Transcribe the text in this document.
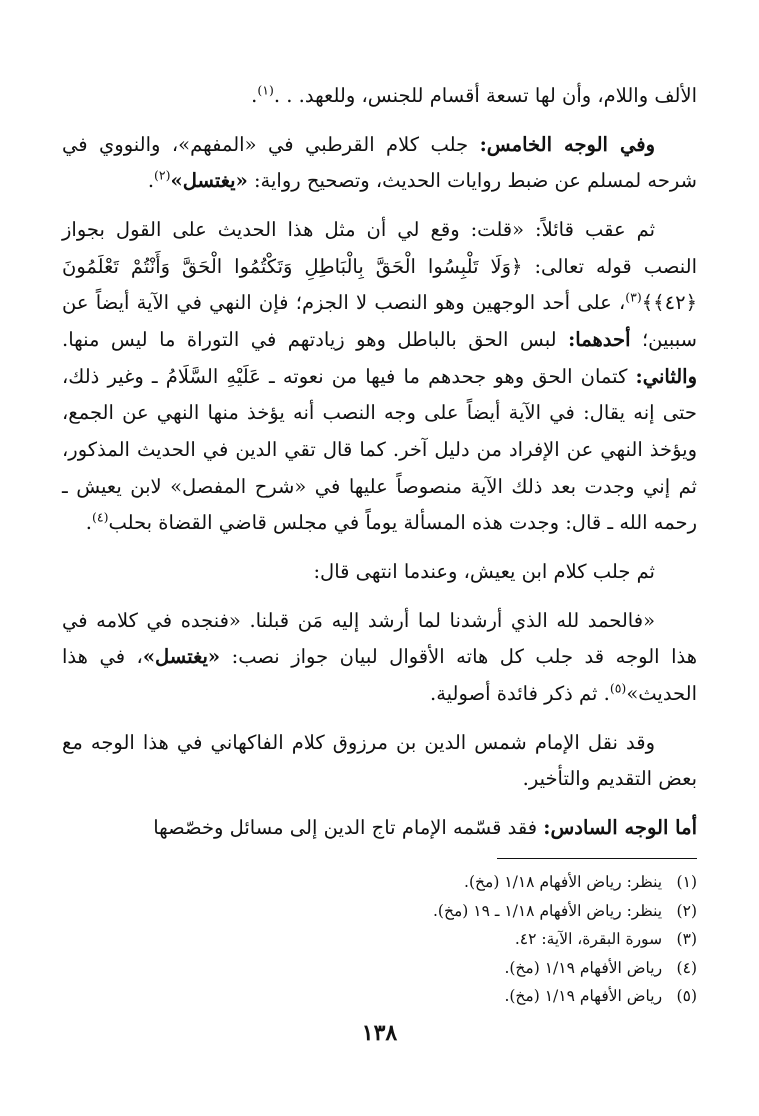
الألف واللام، وأن لها تسعة أقسام للجنس، وللعهد. . .$^{(١)}$.

وفي الوجه الخامس: جلب كلام القرطبي في «المفهم»، والنووي في شرحه لمسلم عن ضبط روايات الحديث، وتصحيح رواية: «يغتسل»$^{(٢)}$.

ثم عقب قائلاً: «قلت: وقع لي أن مثل هذا الحديث على القول بجواز النصب قوله تعالى: ﴿وَلَا تَلْبِسُوا الْحَقَّ بِالْبَاطِلِ وَتَكْتُمُوا الْحَقَّ وَأَنْتُمْ تَعْلَمُونَ ﴿٤٢﴾﴾$^{(٣)}$، على أحد الوجهين وهو النصب لا الجزم؛ فإن النهي في الآية أيضاً عن سببين؛ أحدهما: لبس الحق بالباطل وهو زيادتهم في التوراة ما ليس منها. والثاني: كتمان الحق وهو جحدهم ما فيها من نعوته ـ عَلَيْهِ السَّلَامُ ـ وغير ذلك، حتى إنه يقال: في الآية أيضاً على وجه النصب أنه يؤخذ منها النهي عن الجمع، ويؤخذ النهي عن الإفراد من دليل آخر. كما قال تقي الدين في الحديث المذكور، ثم إني وجدت بعد ذلك الآية منصوصاً عليها في «شرح المفصل» لابن يعيش ـ رحمه الله ـ قال: وجدت هذه المسألة يوماً في مجلس قاضي القضاة بحلب$^{(٤)}$.

ثم جلب كلام ابن يعيش، وعندما انتهى قال:

«فالحمد لله الذي أرشدنا لما أرشد إليه مَن قبلنا. «فنجده في كلامه في هذا الوجه قد جلب كل هاته الأقوال لبيان جواز نصب: «يغتسل»، في هذا الحديث»$^{(٥)}$. ثم ذكر فائدة أصولية.

وقد نقل الإمام شمس الدين بن مرزوق كلام الفاكهاني في هذا الوجه مع بعض التقديم والتأخير.

أما الوجه السادس: فقد قسّمه الإمام تاج الدين إلى مسائل وخصّصها

(١) ينظر: رياض الأفهام ١/١٨ (مخ).
(٢) ينظر: رياض الأفهام ١/١٨ ـ ١٩ (مخ).
(٣) سورة البقرة، الآية: ٤٢.
(٤) رياض الأفهام ١/١٩ (مخ).
(٥) رياض الأفهام ١/١٩ (مخ).
١٣٨
